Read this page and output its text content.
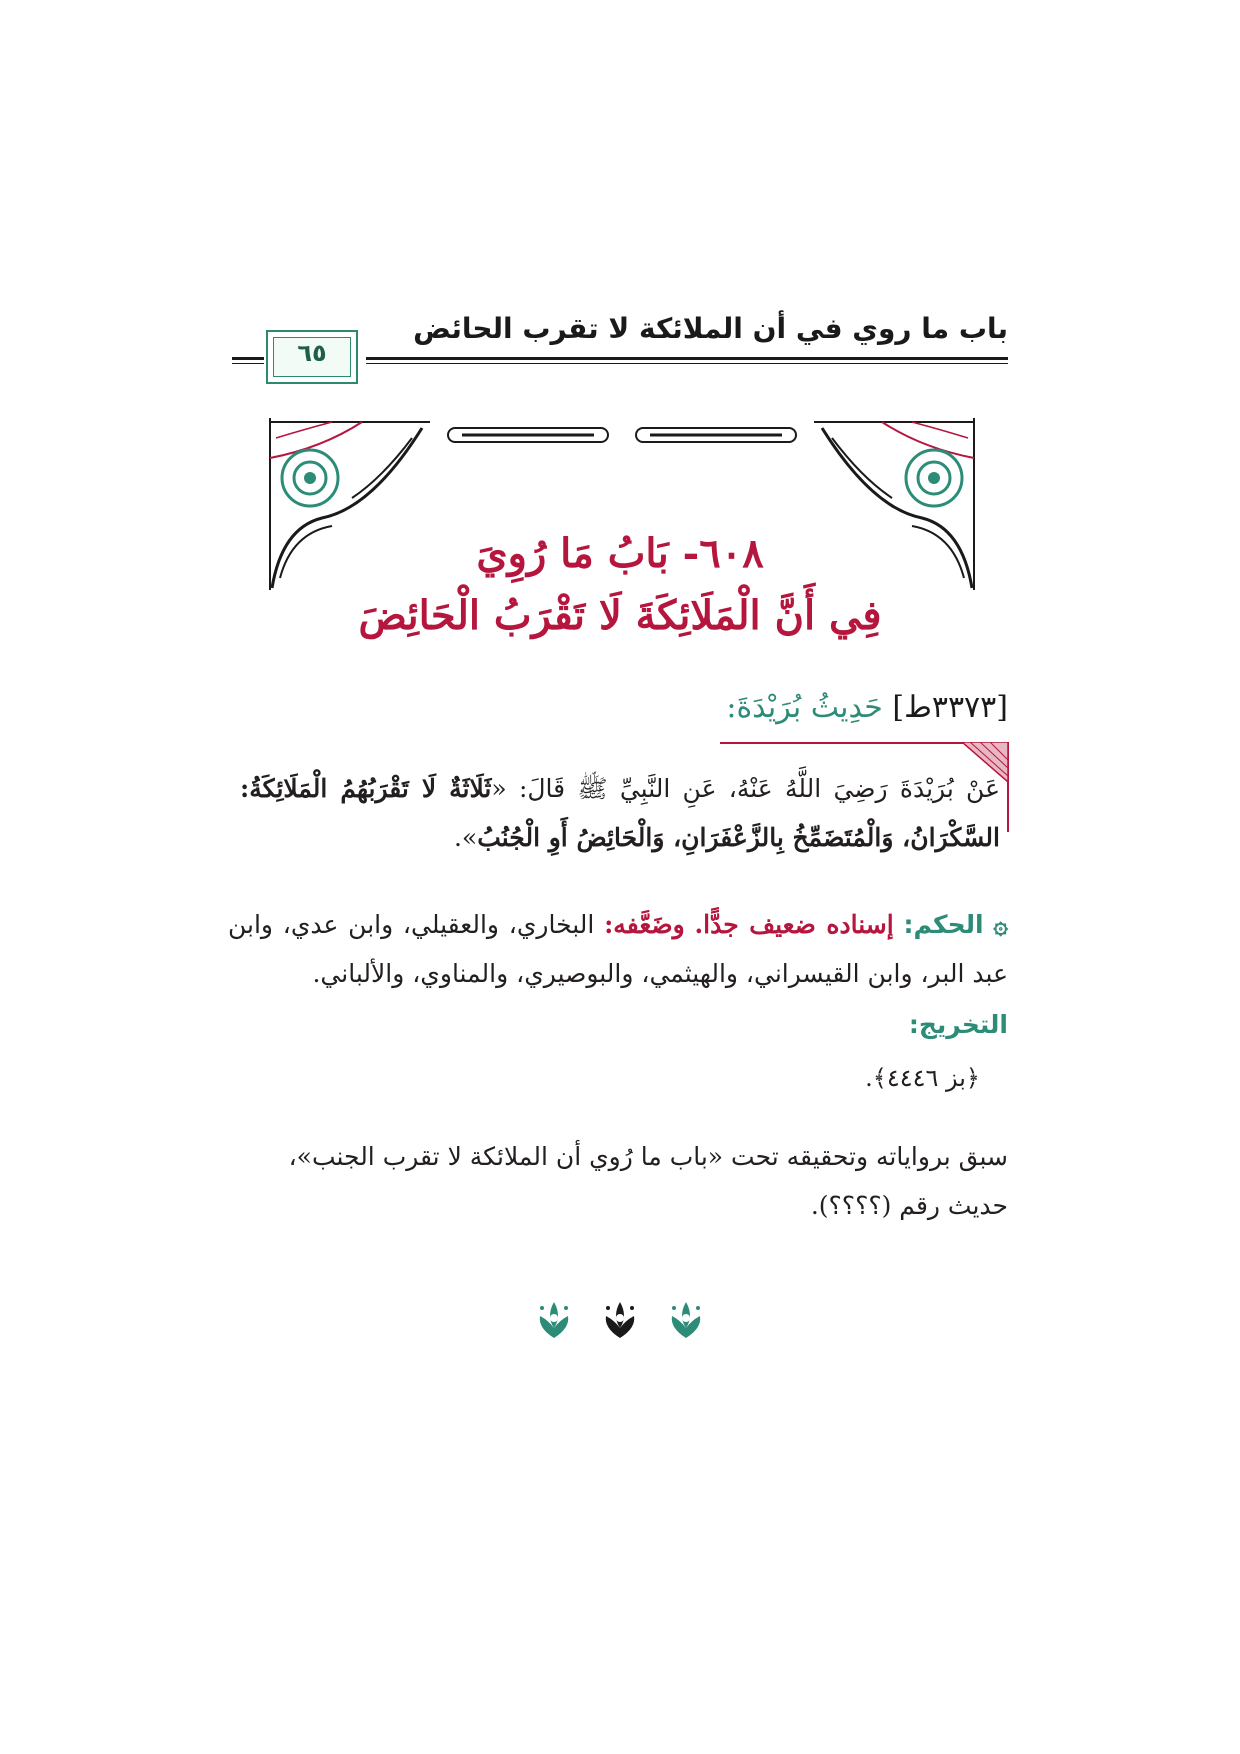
باب ما روي في أن الملائكة لا تقرب الحائض
٦٥
٦٠٨- بَابُ مَا رُوِيَ
فِي أَنَّ الْمَلَائِكَةَ لَا تَقْرَبُ الْحَائِضَ
[٣٣٧٣ط] حَدِيثُ بُرَيْدَةَ:
عَنْ بُرَيْدَةَ رَضِيَ اللَّهُ عَنْهُ، عَنِ النَّبِيِّ ﷺ قَالَ: «ثَلَاثَةٌ لَا تَقْرَبُهُمُ الْمَلَائِكَةُ: السَّكْرَانُ، وَالْمُتَضَمِّخُ بِالزَّعْفَرَانِ، وَالْحَائِضُ أَوِ الْجُنُبُ».
۞ الحكم: إسناده ضعيف جدًّا. وضَعَّفه: البخاري، والعقيلي، وابن عدي، وابن عبد البر، وابن القيسراني، والهيثمي، والبوصيري، والمناوي، والألباني.
التخريج:
﴿بز ٤٤٤٦﴾.
سبق برواياته وتحقيقه تحت «باب ما رُوي أن الملائكة لا تقرب الجنب»،
حديث رقم (؟؟؟؟).
